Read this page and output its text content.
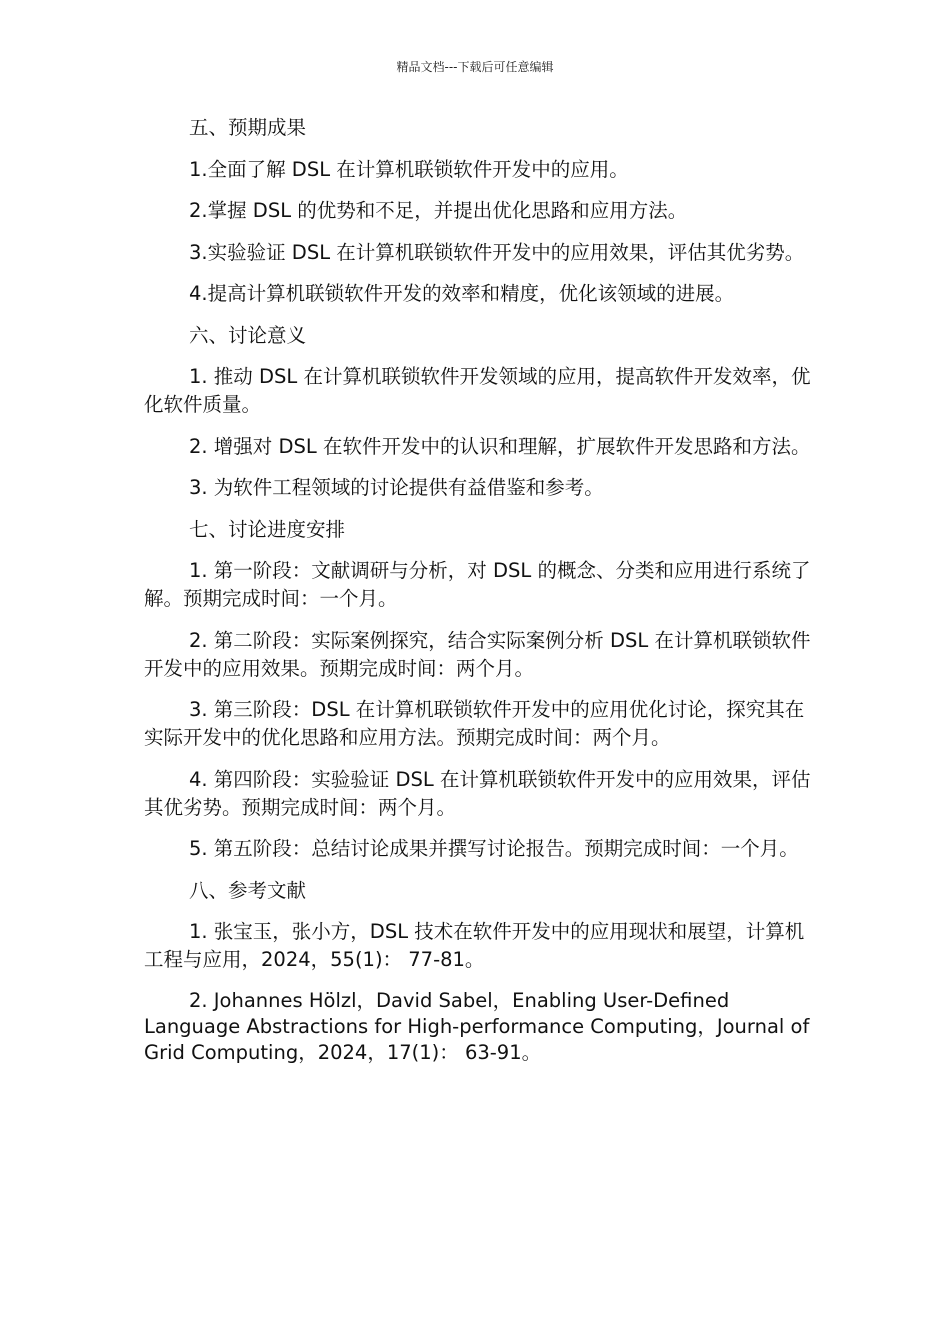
精品文档---下载后可任意编辑

五、预期成果

1.全面了解 DSL 在计算机联锁软件开发中的应用。

2.掌握 DSL 的优势和不足，并提出优化思路和应用方法。

3.实验验证 DSL 在计算机联锁软件开发中的应用效果，评估其优劣势。

4.提高计算机联锁软件开发的效率和精度，优化该领域的进展。

六、讨论意义

1. 推动 DSL 在计算机联锁软件开发领域的应用，提高软件开发效率，优化软件质量。

2. 增强对 DSL 在软件开发中的认识和理解，扩展软件开发思路和方法。

3. 为软件工程领域的讨论提供有益借鉴和参考。

七、讨论进度安排

1. 第一阶段：文献调研与分析，对 DSL 的概念、分类和应用进行系统了解。预期完成时间：一个月。

2. 第二阶段：实际案例探究，结合实际案例分析 DSL 在计算机联锁软件开发中的应用效果。预期完成时间：两个月。

3. 第三阶段：DSL 在计算机联锁软件开发中的应用优化讨论，探究其在实际开发中的优化思路和应用方法。预期完成时间：两个月。

4. 第四阶段：实验验证 DSL 在计算机联锁软件开发中的应用效果，评估其优劣势。预期完成时间：两个月。

5. 第五阶段：总结讨论成果并撰写讨论报告。预期完成时间：一个月。

八、参考文献

1. 张宝玉，张小方，DSL 技术在软件开发中的应用现状和展望，计算机工程与应用，2024，55(1)： 77-81。

2. Johannes Hölzl，David Sabel，Enabling User-Defined Language Abstractions for High-performance Computing，Journal of Grid Computing，2024，17(1)： 63-91。
